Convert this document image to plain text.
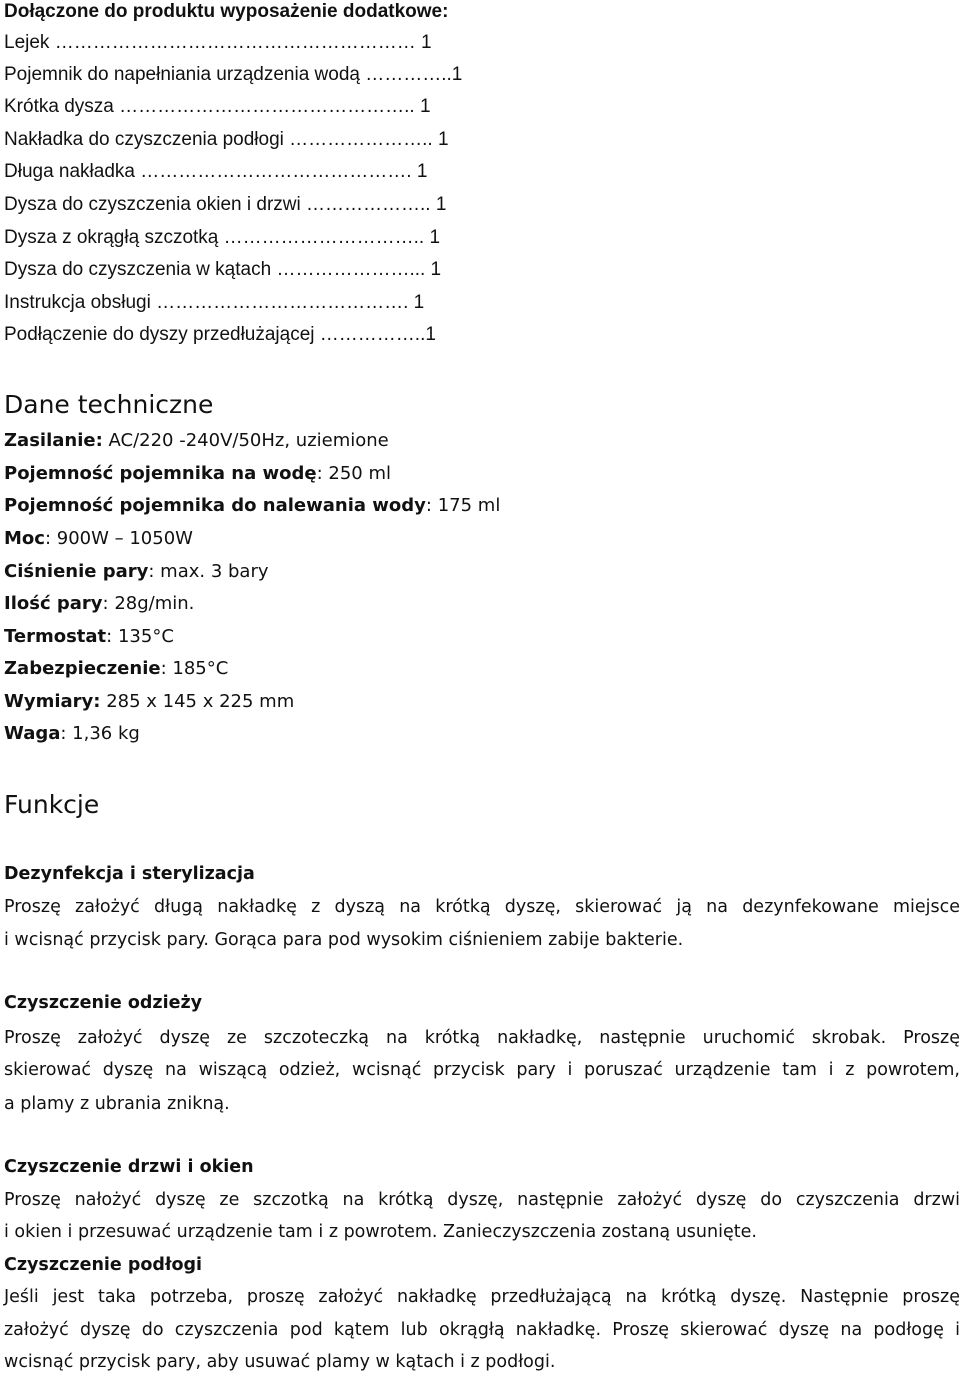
Dołączone do produktu wyposażenie dodatkowe:
Lejek ………………………………………………… 1
Pojemnik do napełniania urządzenia wodą …………..1
Krótka dysza ……………………………………….. 1
Nakładka do czyszczenia podłogi ………………….. 1
Długa nakładka ……………………………………. 1
Dysza do czyszczenia okien i drzwi ……………….. 1
Dysza z okrągłą szczotką ………………………….. 1
Dysza do czyszczenia w kątach …………………... 1
Instrukcja obsługi …………………………………. 1
Podłączenie do dyszy przedłużającej ……………..1
Dane techniczne
Zasilanie: AC/220 -240V/50Hz, uziemione
Pojemność pojemnika na wodę: 250 ml
Pojemność pojemnika do nalewania wody: 175 ml
Moc: 900W – 1050W
Ciśnienie pary: max. 3 bary
Ilość pary: 28g/min.
Termostat: 135°C
Zabezpieczenie: 185°C
Wymiary: 285 x 145 x 225 mm
Waga: 1,36 kg
Funkcje
Dezynfekcja i sterylizacja
Proszę założyć długą nakładkę z dyszą na krótką dyszę, skierować ją na dezynfekowane miejsce
i wcisnąć przycisk pary. Gorąca para pod wysokim ciśnieniem zabije bakterie.
Czyszczenie odzieży
Proszę założyć dyszę ze szczoteczką na krótką nakładkę, następnie uruchomić skrobak. Proszę
skierować dyszę na wiszącą odzież, wcisnąć przycisk pary i poruszać urządzenie tam i z powrotem,
a plamy z ubrania znikną.
Czyszczenie drzwi i okien
Proszę nałożyć dyszę ze szczotką na krótką dyszę, następnie założyć dyszę do czyszczenia drzwi
i okien i przesuwać urządzenie tam i z powrotem. Zanieczyszczenia zostaną usunięte.
Czyszczenie podłogi
Jeśli jest taka potrzeba, proszę założyć nakładkę przedłużającą na krótką dyszę. Następnie proszę
założyć dyszę do czyszczenia pod kątem lub okrągłą nakładkę. Proszę skierować dyszę na podłogę i
wcisnąć przycisk pary, aby usuwać plamy w kątach i z podłogi.
